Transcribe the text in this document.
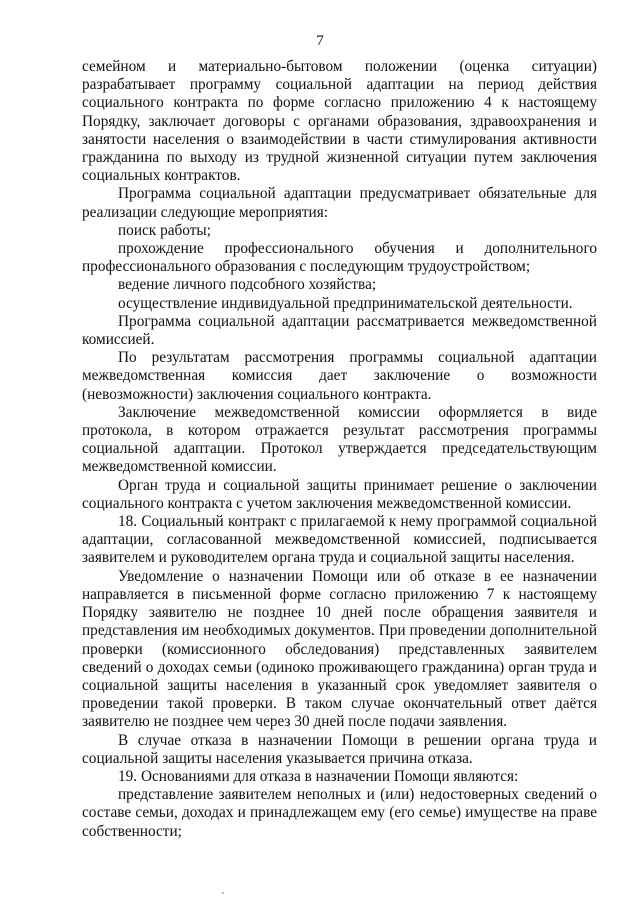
7

семейном и материально-бытовом положении (оценка ситуации) разрабатывает программу социальной адаптации на период действия социального контракта по форме согласно приложению 4 к настоящему Порядку, заключает договоры с органами образования, здравоохранения и занятости населения о взаимодействии в части стимулирования активности гражданина по выходу из трудной жизненной ситуации путем заключения социальных контрактов.

Программа социальной адаптации предусматривает обязательные для реализации следующие мероприятия:

поиск работы;

прохождение профессионального обучения и дополнительного профессионального образования с последующим трудоустройством;

ведение личного подсобного хозяйства;

осуществление индивидуальной предпринимательской деятельности.

Программа социальной адаптации рассматривается межведомственной комиссией.

По результатам рассмотрения программы социальной адаптации межведомственная комиссия дает заключение о возможности (невозможности) заключения социального контракта.

Заключение межведомственной комиссии оформляется в виде протокола, в котором отражается результат рассмотрения программы социальной адаптации. Протокол утверждается председательствующим межведомственной комиссии.

Орган труда и социальной защиты принимает решение о заключении социального контракта с учетом заключения межведомственной комиссии.

18. Социальный контракт с прилагаемой к нему программой социальной адаптации, согласованной межведомственной комиссией, подписывается заявителем и руководителем органа труда и социальной защиты населения.

Уведомление о назначении Помощи или об отказе в ее назначении направляется в письменной форме согласно приложению 7 к настоящему Порядку заявителю не позднее 10 дней после обращения заявителя и представления им необходимых документов. При проведении дополнительной проверки (комиссионного обследования) представленных заявителем сведений о доходах семьи (одиноко проживающего гражданина) орган труда и социальной защиты населения в указанный срок уведомляет заявителя о проведении такой проверки. В таком случае окончательный ответ даётся заявителю не позднее чем через 30 дней после подачи заявления.

В случае отказа в назначении Помощи в решении органа труда и социальной защиты населения указывается причина отказа.

19. Основаниями для отказа в назначении Помощи являются:

представление заявителем неполных и (или) недостоверных сведений о составе семьи, доходах и принадлежащем ему (его семье) имуществе на праве собственности;
